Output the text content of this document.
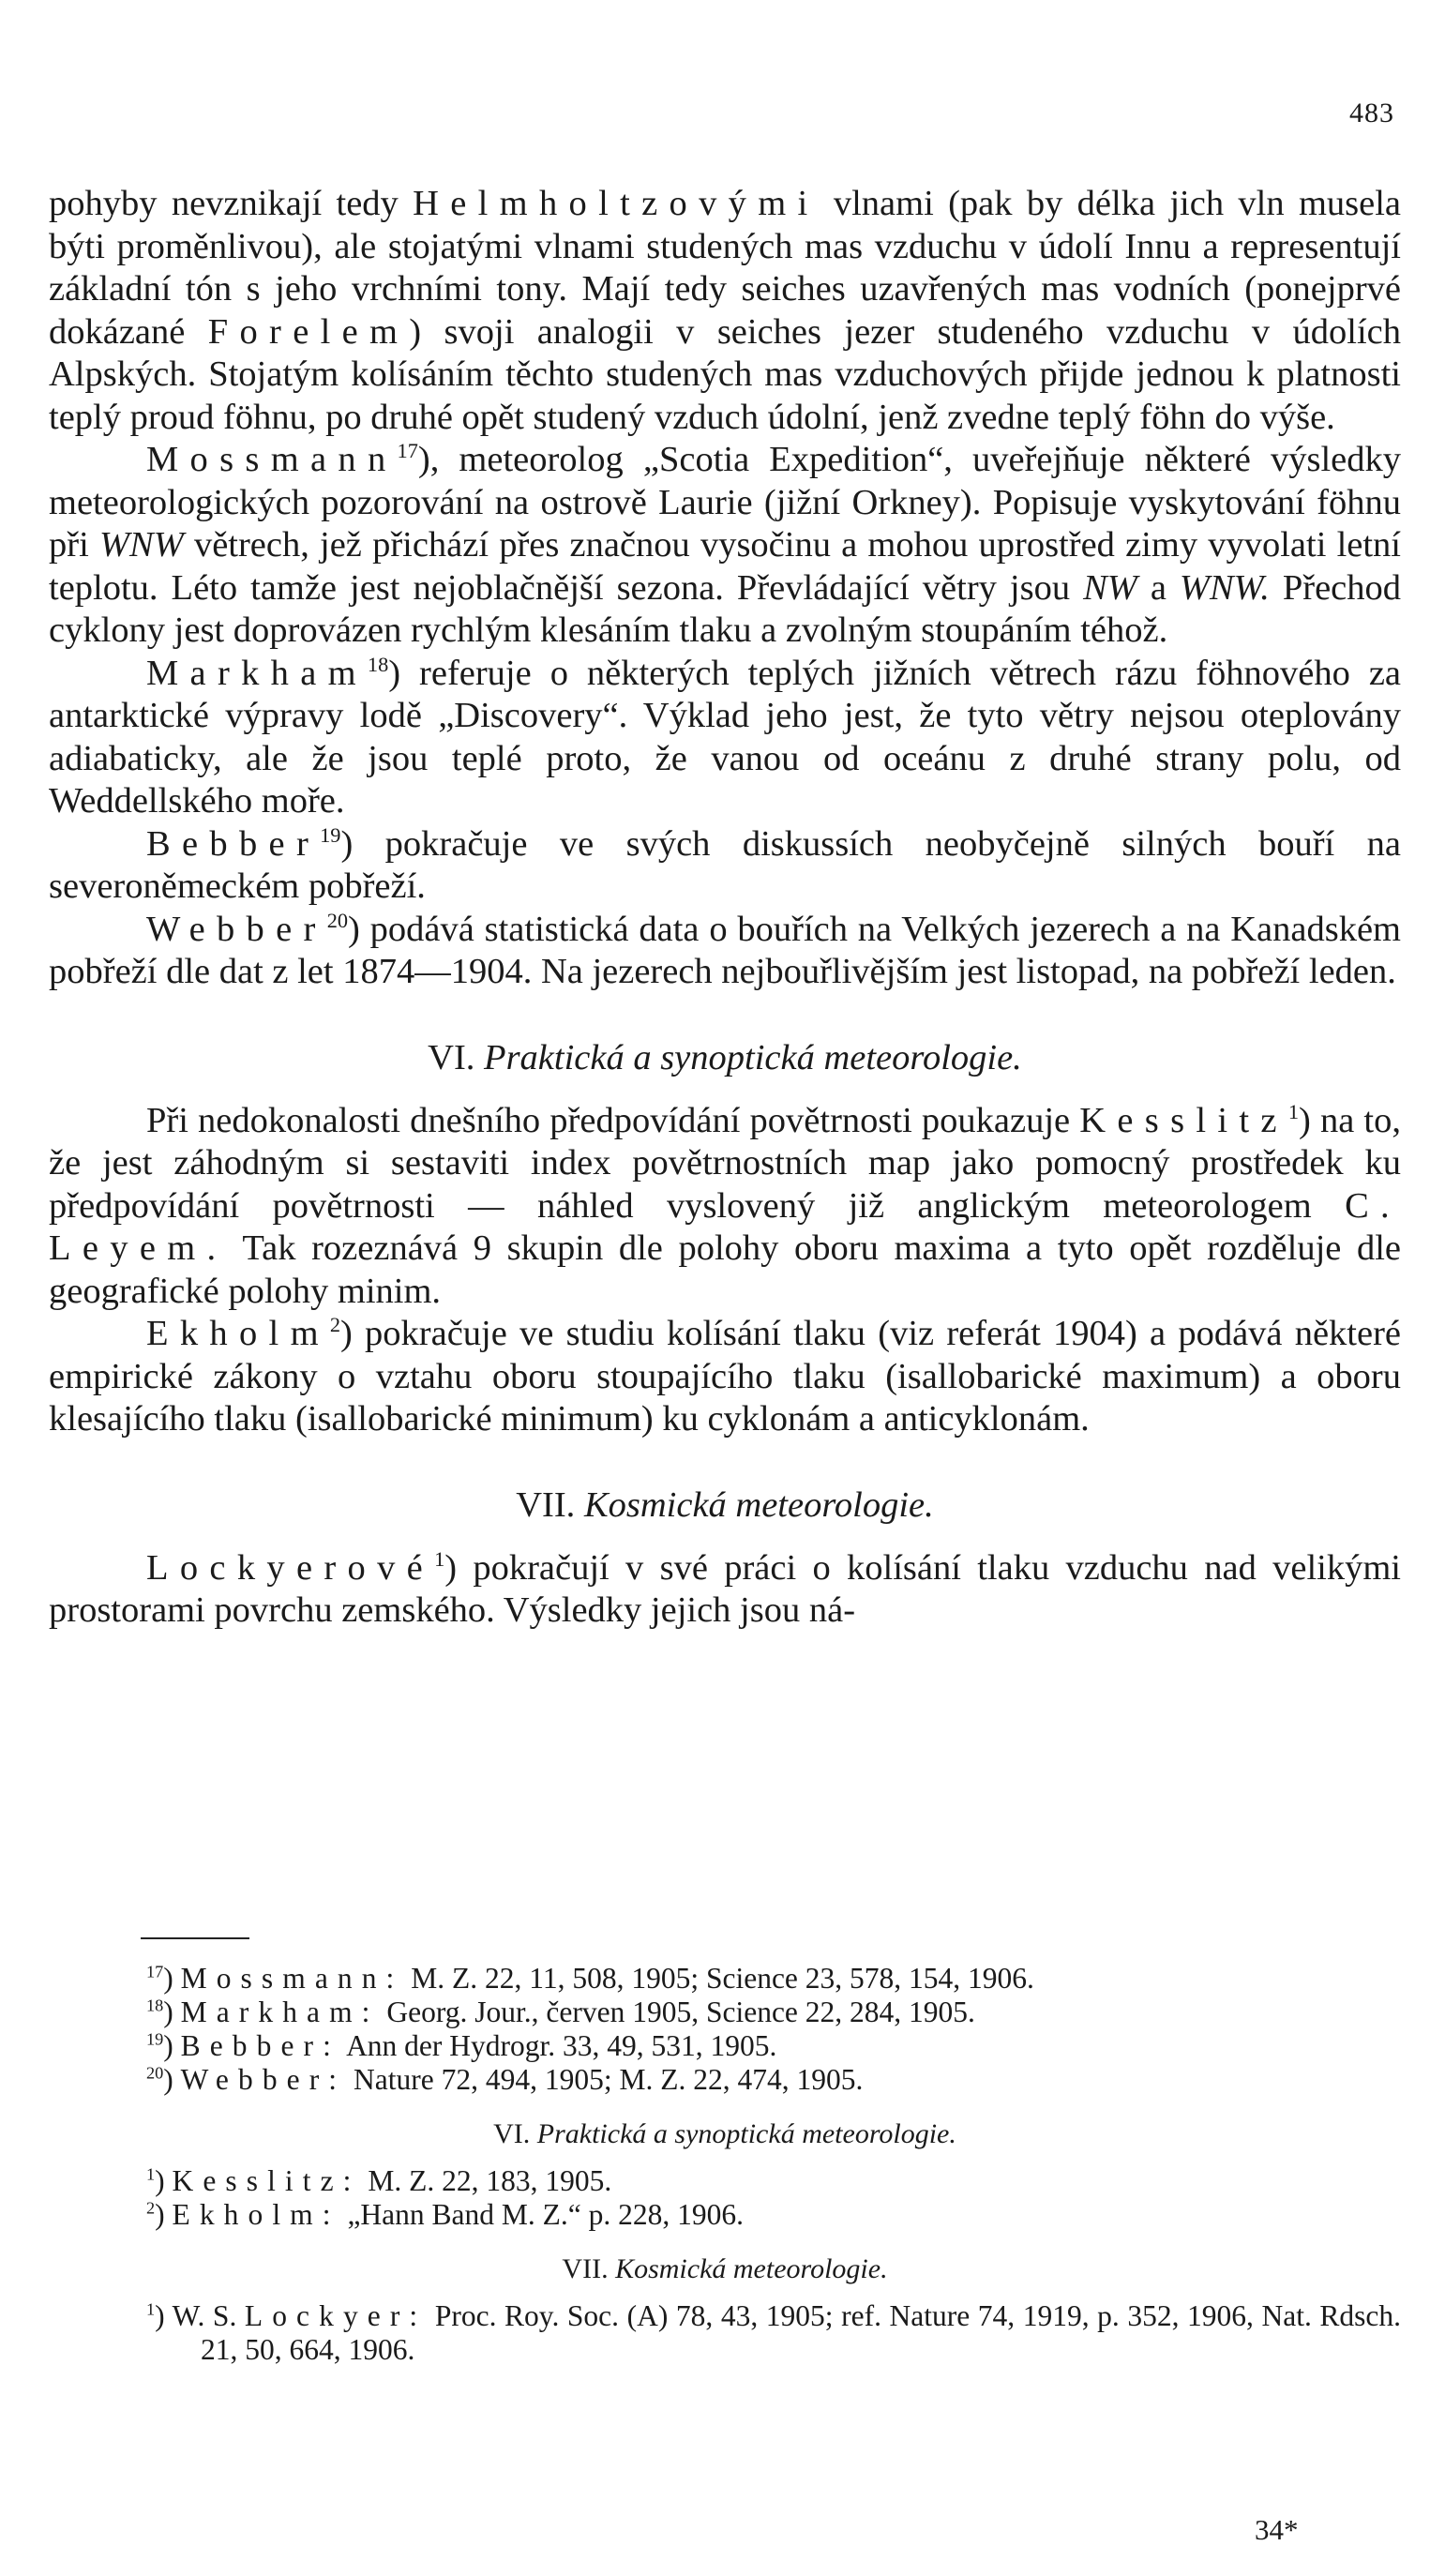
483

pohyby nevznikají tedy Helmholtzovými vlnami (pak by délka jich vln musela býti proměnlivou), ale stojatými vlnami studených mas vzduchu v údolí Innu a representují základní tón s jeho vrchními tony. Mají tedy seiches uzavřených mas vodních (ponejprvé dokázané Forelem) svoji analogii v seiches jezer studeného vzduchu v údolích Alpských. Stojatým kolísáním těchto studených mas vzduchových přijde jednou k platnosti teplý proud föhnu, po druhé opět studený vzduch údolní, jenž zvedne teplý föhn do výše.

Mossmann$^{17}$), meteorolog „Scotia Expedition“, uveřejňuje některé výsledky meteorologických pozorování na ostrově Laurie (jižní Orkney). Popisuje vyskytování föhnu při WNW větrech, jež přichází přes značnou vysočinu a mohou uprostřed zimy vyvolati letní teplotu. Léto tamže jest nejoblačnější sezona. Převládající větry jsou NW a WNW. Přechod cyklony jest doprovázen rychlým klesáním tlaku a zvolným stoupáním téhož.

Markham$^{18}$) referuje o některých teplých jižních větrech rázu föhnového za antarktické výpravy lodě „Discovery“. Výklad jeho jest, že tyto větry nejsou oteplovány adiabaticky, ale že jsou teplé proto, že vanou od oceánu z druhé strany polu, od Weddellského moře.

Bebber$^{19}$) pokračuje ve svých diskussích neobyčejně silných bouří na severoněmeckém pobřeží.

Webber$^{20}$) podává statistická data o bouřích na Velkých jezerech a na Kanadském pobřeží dle dat z let 1874—1904. Na jezerech nejbouřlivějším jest listopad, na pobřeží leden.

VI. Praktická a synoptická meteorologie.

Při nedokonalosti dnešního předpovídání povětrnosti poukazuje Kesslitz$^1$) na to, že jest záhodným si sestaviti index povětrnostních map jako pomocný prostředek ku předpovídání povětrnosti — náhled vyslovený již anglickým meteorologem C. Leyem. Tak rozeznává 9 skupin dle polohy oboru maxima a tyto opět rozděluje dle geografické polohy minim.

Ekholm$^2$) pokračuje ve studiu kolísání tlaku (viz referát 1904) a podává některé empirické zákony o vztahu oboru stoupajícího tlaku (isallobarické maximum) a oboru klesajícího tlaku (isallobarické minimum) ku cyklonám a anticyklonám.

VII. Kosmická meteorologie.

Lockyerové$^1$) pokračují v své práci o kolísání tlaku vzduchu nad velikými prostorami povrchu zemského. Výsledky jejich jsou ná-

$^{17}$) Mossmann: M. Z. 22, 11, 508, 1905; Science 23, 578, 154, 1906.
$^{18}$) Markham: Georg. Jour., červen 1905, Science 22, 284, 1905.
$^{19}$) Bebber: Ann der Hydrogr. 33, 49, 531, 1905.
$^{20}$) Webber: Nature 72, 494, 1905; M. Z. 22, 474, 1905.
VI. Praktická a synoptická meteorologie.
$^1$) Kesslitz: M. Z. 22, 183, 1905.
$^2$) Ekholm: „Hann Band M. Z.“ p. 228, 1906.
VII. Kosmická meteorologie.
$^1$) W. S. Lockyer: Proc. Roy. Soc. (A) 78, 43, 1905; ref. Nature 74, 1919, p. 352, 1906, Nat. Rdsch. 21, 50, 664, 1906.
34*
